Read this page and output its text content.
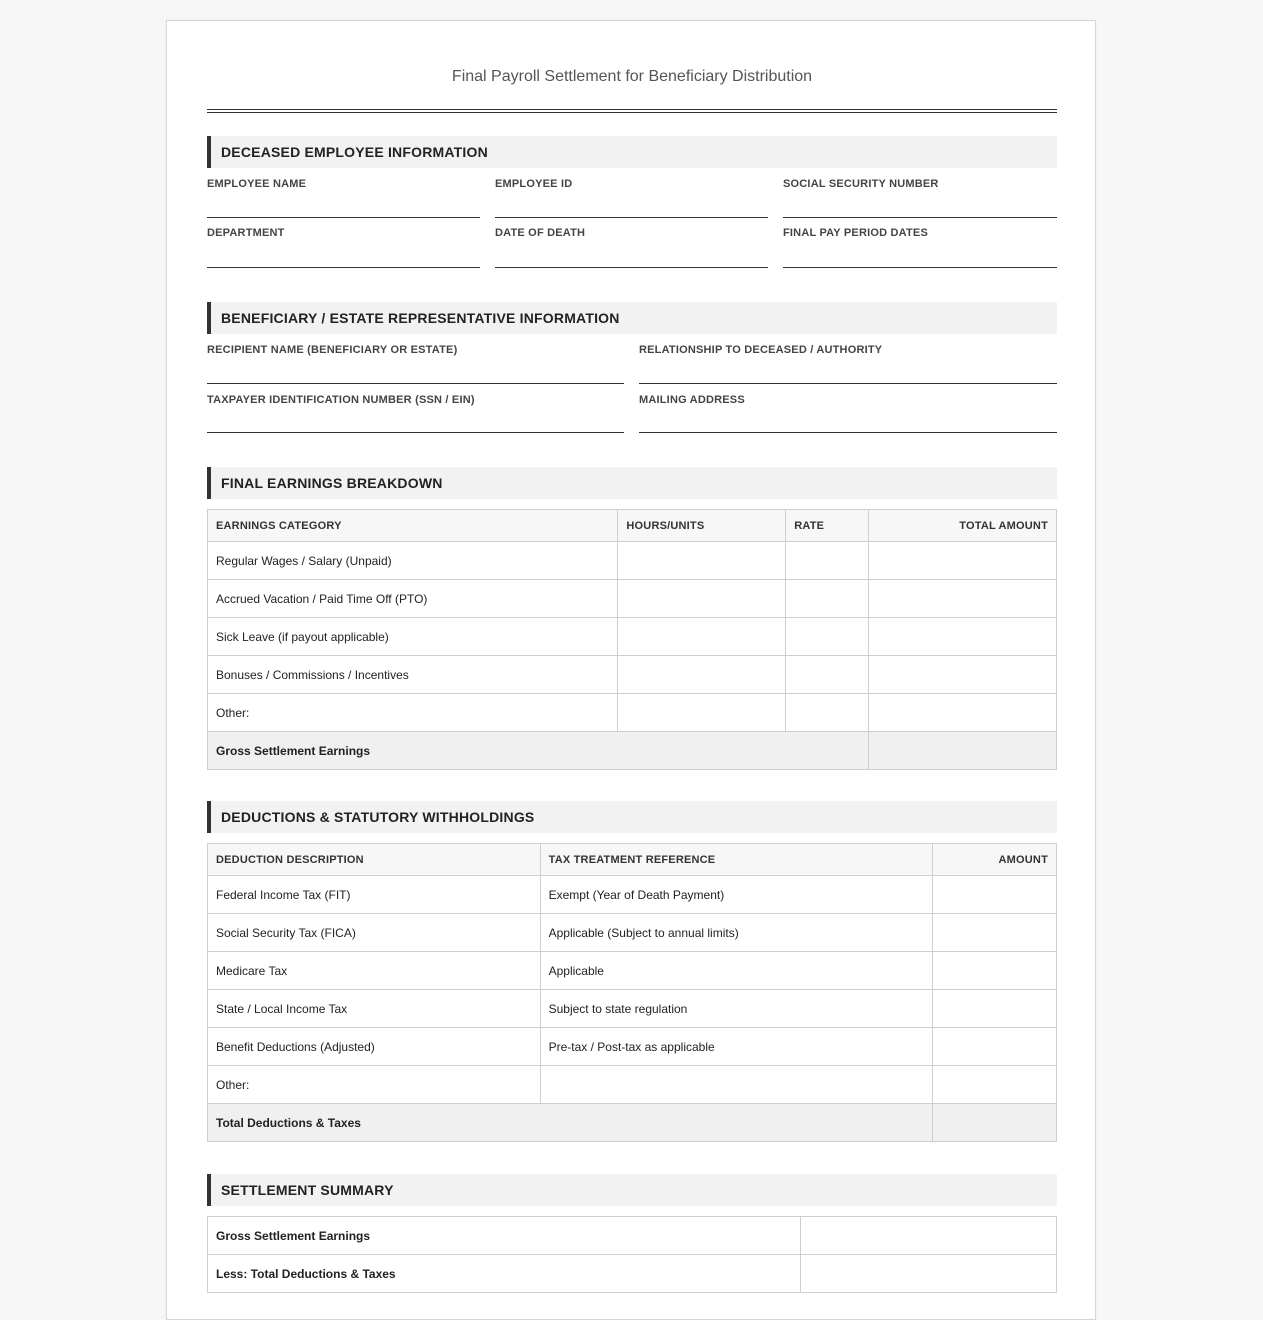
Final Payroll Settlement for Beneficiary Distribution
DECEASED EMPLOYEE INFORMATION
EMPLOYEE NAME	EMPLOYEE ID	SOCIAL SECURITY NUMBER
DEPARTMENT	DATE OF DEATH	FINAL PAY PERIOD DATES
BENEFICIARY / ESTATE REPRESENTATIVE INFORMATION
RECIPIENT NAME (BENEFICIARY OR ESTATE)	RELATIONSHIP TO DECEASED / AUTHORITY
TAXPAYER IDENTIFICATION NUMBER (SSN / EIN)	MAILING ADDRESS
FINAL EARNINGS BREAKDOWN
EARNINGS CATEGORY	HOURS/UNITS	RATE	TOTAL AMOUNT
Regular Wages / Salary (Unpaid)			
Accrued Vacation / Paid Time Off (PTO)			
Sick Leave (if payout applicable)			
Bonuses / Commissions / Incentives			
Other:			
Gross Settlement Earnings			
DEDUCTIONS & STATUTORY WITHHOLDINGS
DEDUCTION DESCRIPTION	TAX TREATMENT REFERENCE	AMOUNT
Federal Income Tax (FIT)	Exempt (Year of Death Payment)	
Social Security Tax (FICA)	Applicable (Subject to annual limits)	
Medicare Tax	Applicable	
State / Local Income Tax	Subject to state regulation	
Benefit Deductions (Adjusted)	Pre-tax / Post-tax as applicable	
Other:		
Total Deductions & Taxes		
SETTLEMENT SUMMARY
Gross Settlement Earnings	
Less: Total Deductions & Taxes	
